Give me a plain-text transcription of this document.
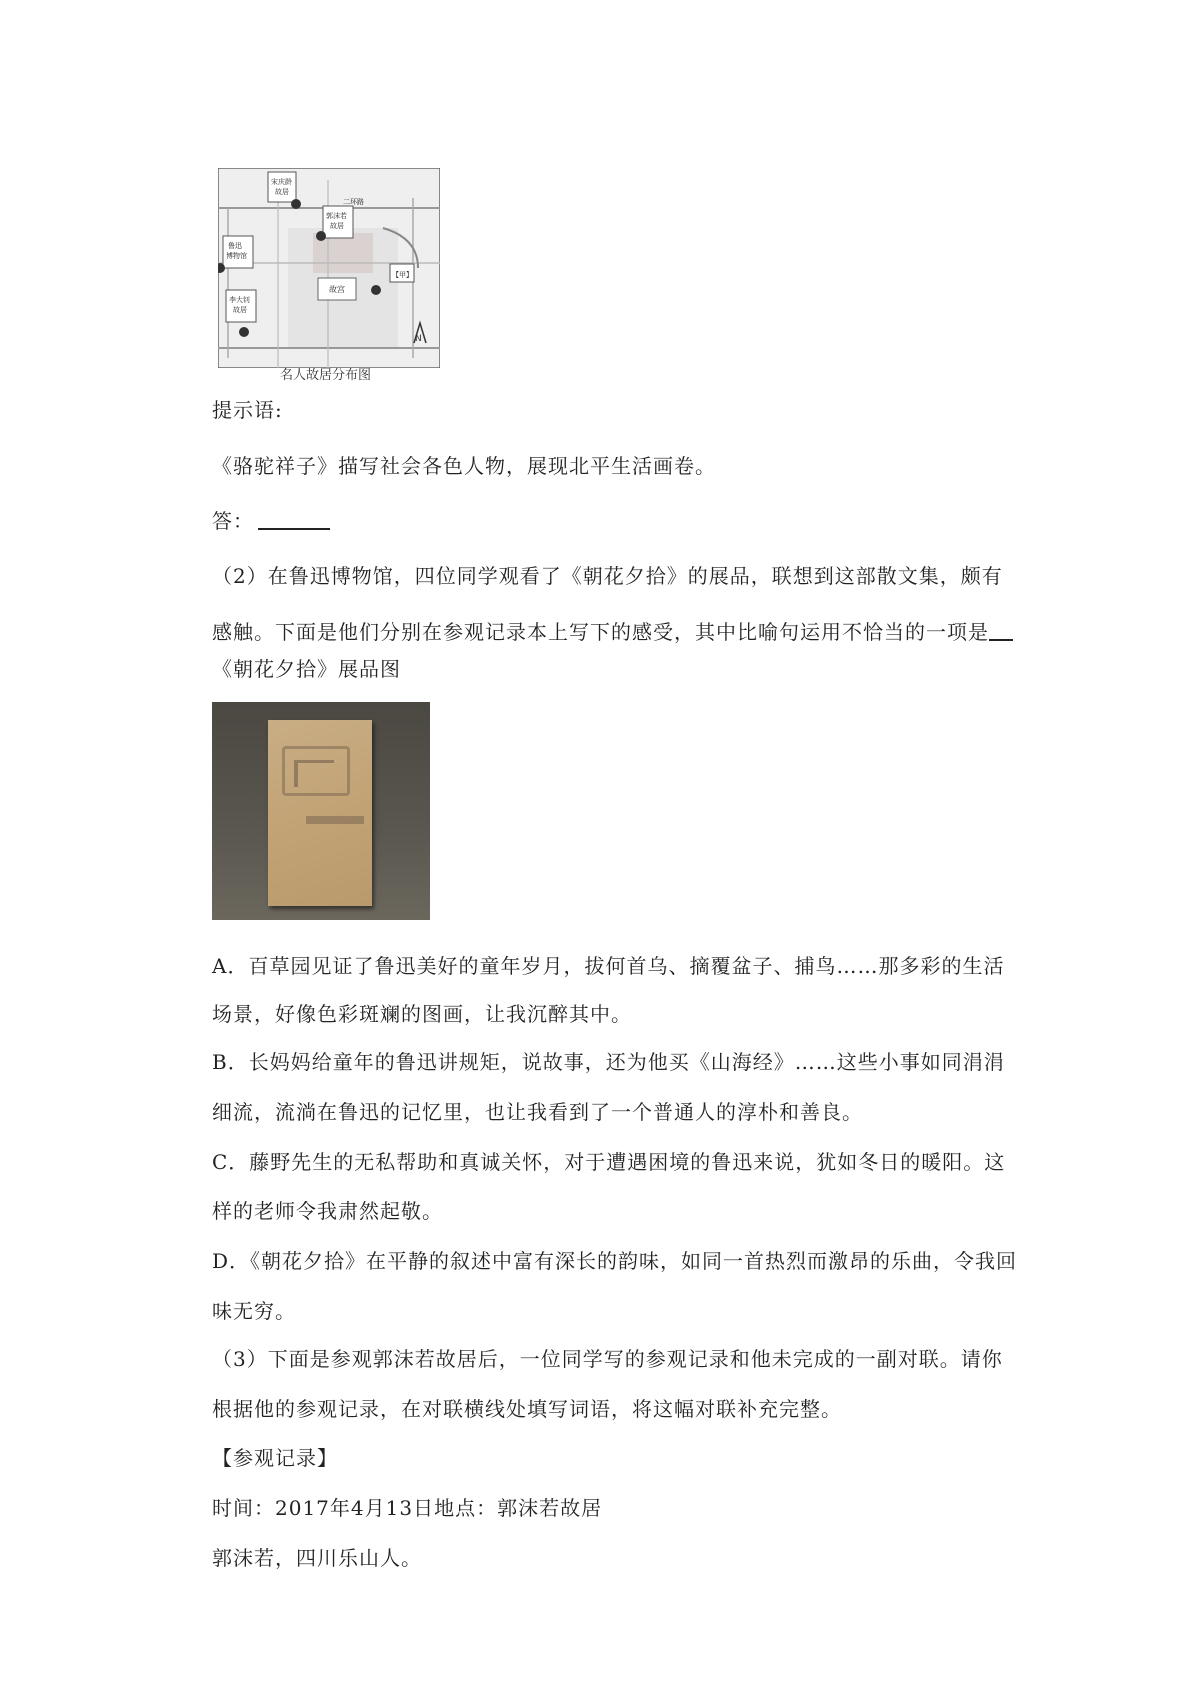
N
宋庆龄
故居
郭沫若
故居
鲁迅
博物馆
【甲】
李大钊
故居
故宫
二环路
名人故居分布图
提示语:
《骆驼祥子》描写社会各色人物，展现北平生活画卷。
答：
（2）在鲁迅博物馆，四位同学观看了《朝花夕拾》的展品，联想到这部散文集，颇有
感触。下面是他们分别在参观记录本上写下的感受，其中比喻句运用不恰当的一项是
《朝花夕拾》展品图
A．百草园见证了鲁迅美好的童年岁月，拔何首乌、摘覆盆子、捕鸟……那多彩的生活
场景，好像色彩斑斓的图画，让我沉醉其中。
B．长妈妈给童年的鲁迅讲规矩，说故事，还为他买《山海经》……这些小事如同涓涓
细流，流淌在鲁迅的记忆里，也让我看到了一个普通人的淳朴和善良。
C．藤野先生的无私帮助和真诚关怀，对于遭遇困境的鲁迅来说，犹如冬日的暖阳。这
样的老师令我肃然起敬。
D．《朝花夕拾》在平静的叙述中富有深长的韵味，如同一首热烈而激昂的乐曲，令我回
味无穷。
（3）下面是参观郭沫若故居后，一位同学写的参观记录和他未完成的一副对联。请你
根据他的参观记录，在对联横线处填写词语，将这幅对联补充完整。
【参观记录】
时间：2017年4月13日地点：郭沫若故居
郭沫若，四川乐山人。
